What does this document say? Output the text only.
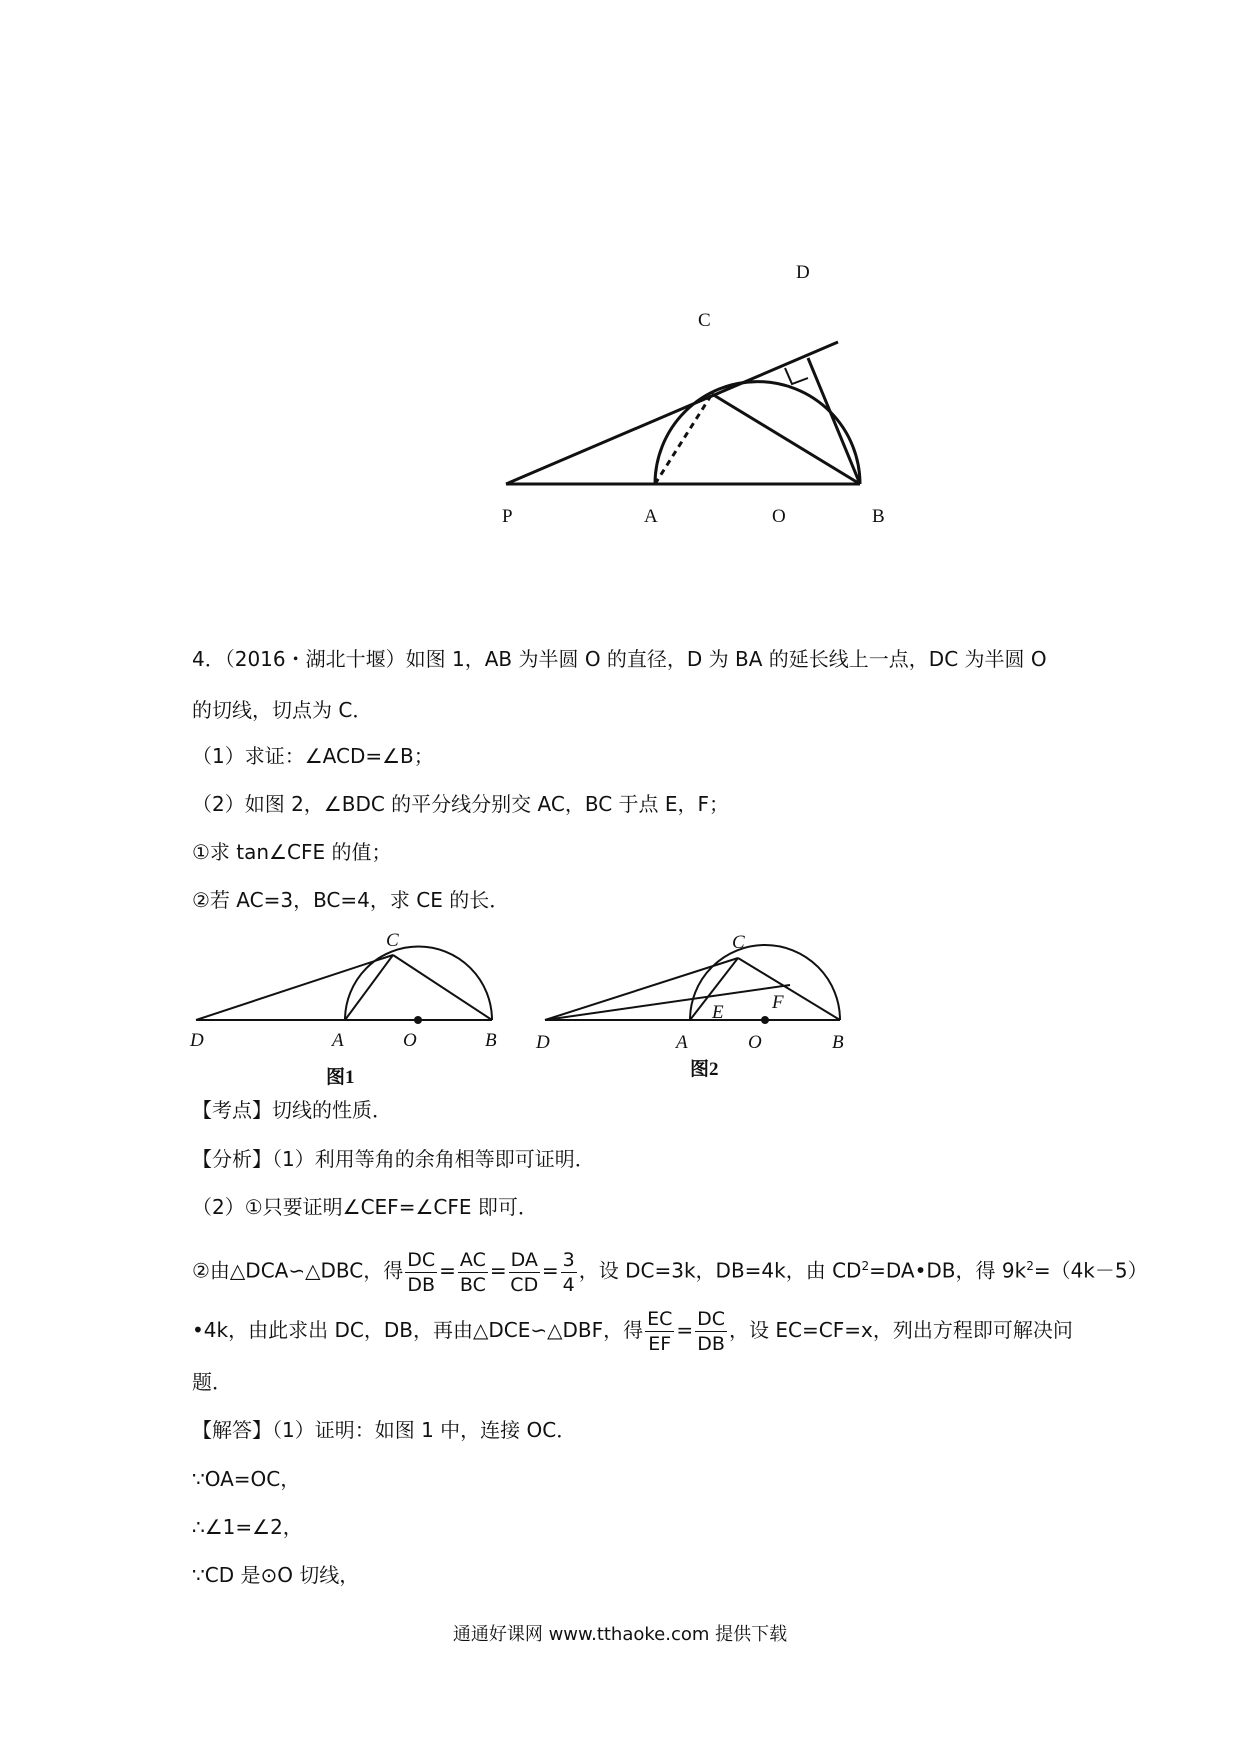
D
C
P	A	O	B
4．（2016・湖北十堰）如图 1，AB 为半圆 O 的直径，D 为 BA 的延长线上一点，DC 为半圆 O
的切线，切点为 C．
（1）求证：∠ACD=∠B；
（2）如图 2，∠BDC 的平分线分别交 AC，BC 于点 E，F；
①求 tan∠CFE 的值；
②若 AC=3，BC=4，求 CE 的长．
C
D	A	O	B
图1
C
D	A	O	B
E	F
图2
【考点】切线的性质．
【分析】（1）利用等角的余角相等即可证明．
（2）①只要证明∠CEF=∠CFE 即可．
②由△DCA∽△DBC，得 $\frac{DC}{DB} = \frac{AC}{BC} = \frac{DA}{CD} = \frac{3}{4}$ ，设 DC=3k，DB=4k，由 $CD^2=DA•DB$，得 $9k^2=(4k-5)$
•4k，由此求出 DC，DB，再由△DCE∽△DBF，得 $\frac{EC}{EF} = \frac{DC}{DB}$ ，设 EC=CF=x，列出方程即可解决问
题．
【解答】（1）证明：如图 1 中，连接 OC．
∵OA=OC，
∴∠1=∠2，
∵CD 是⊙O 切线，
通通好课网 www.tthaoke.com 提供下载
